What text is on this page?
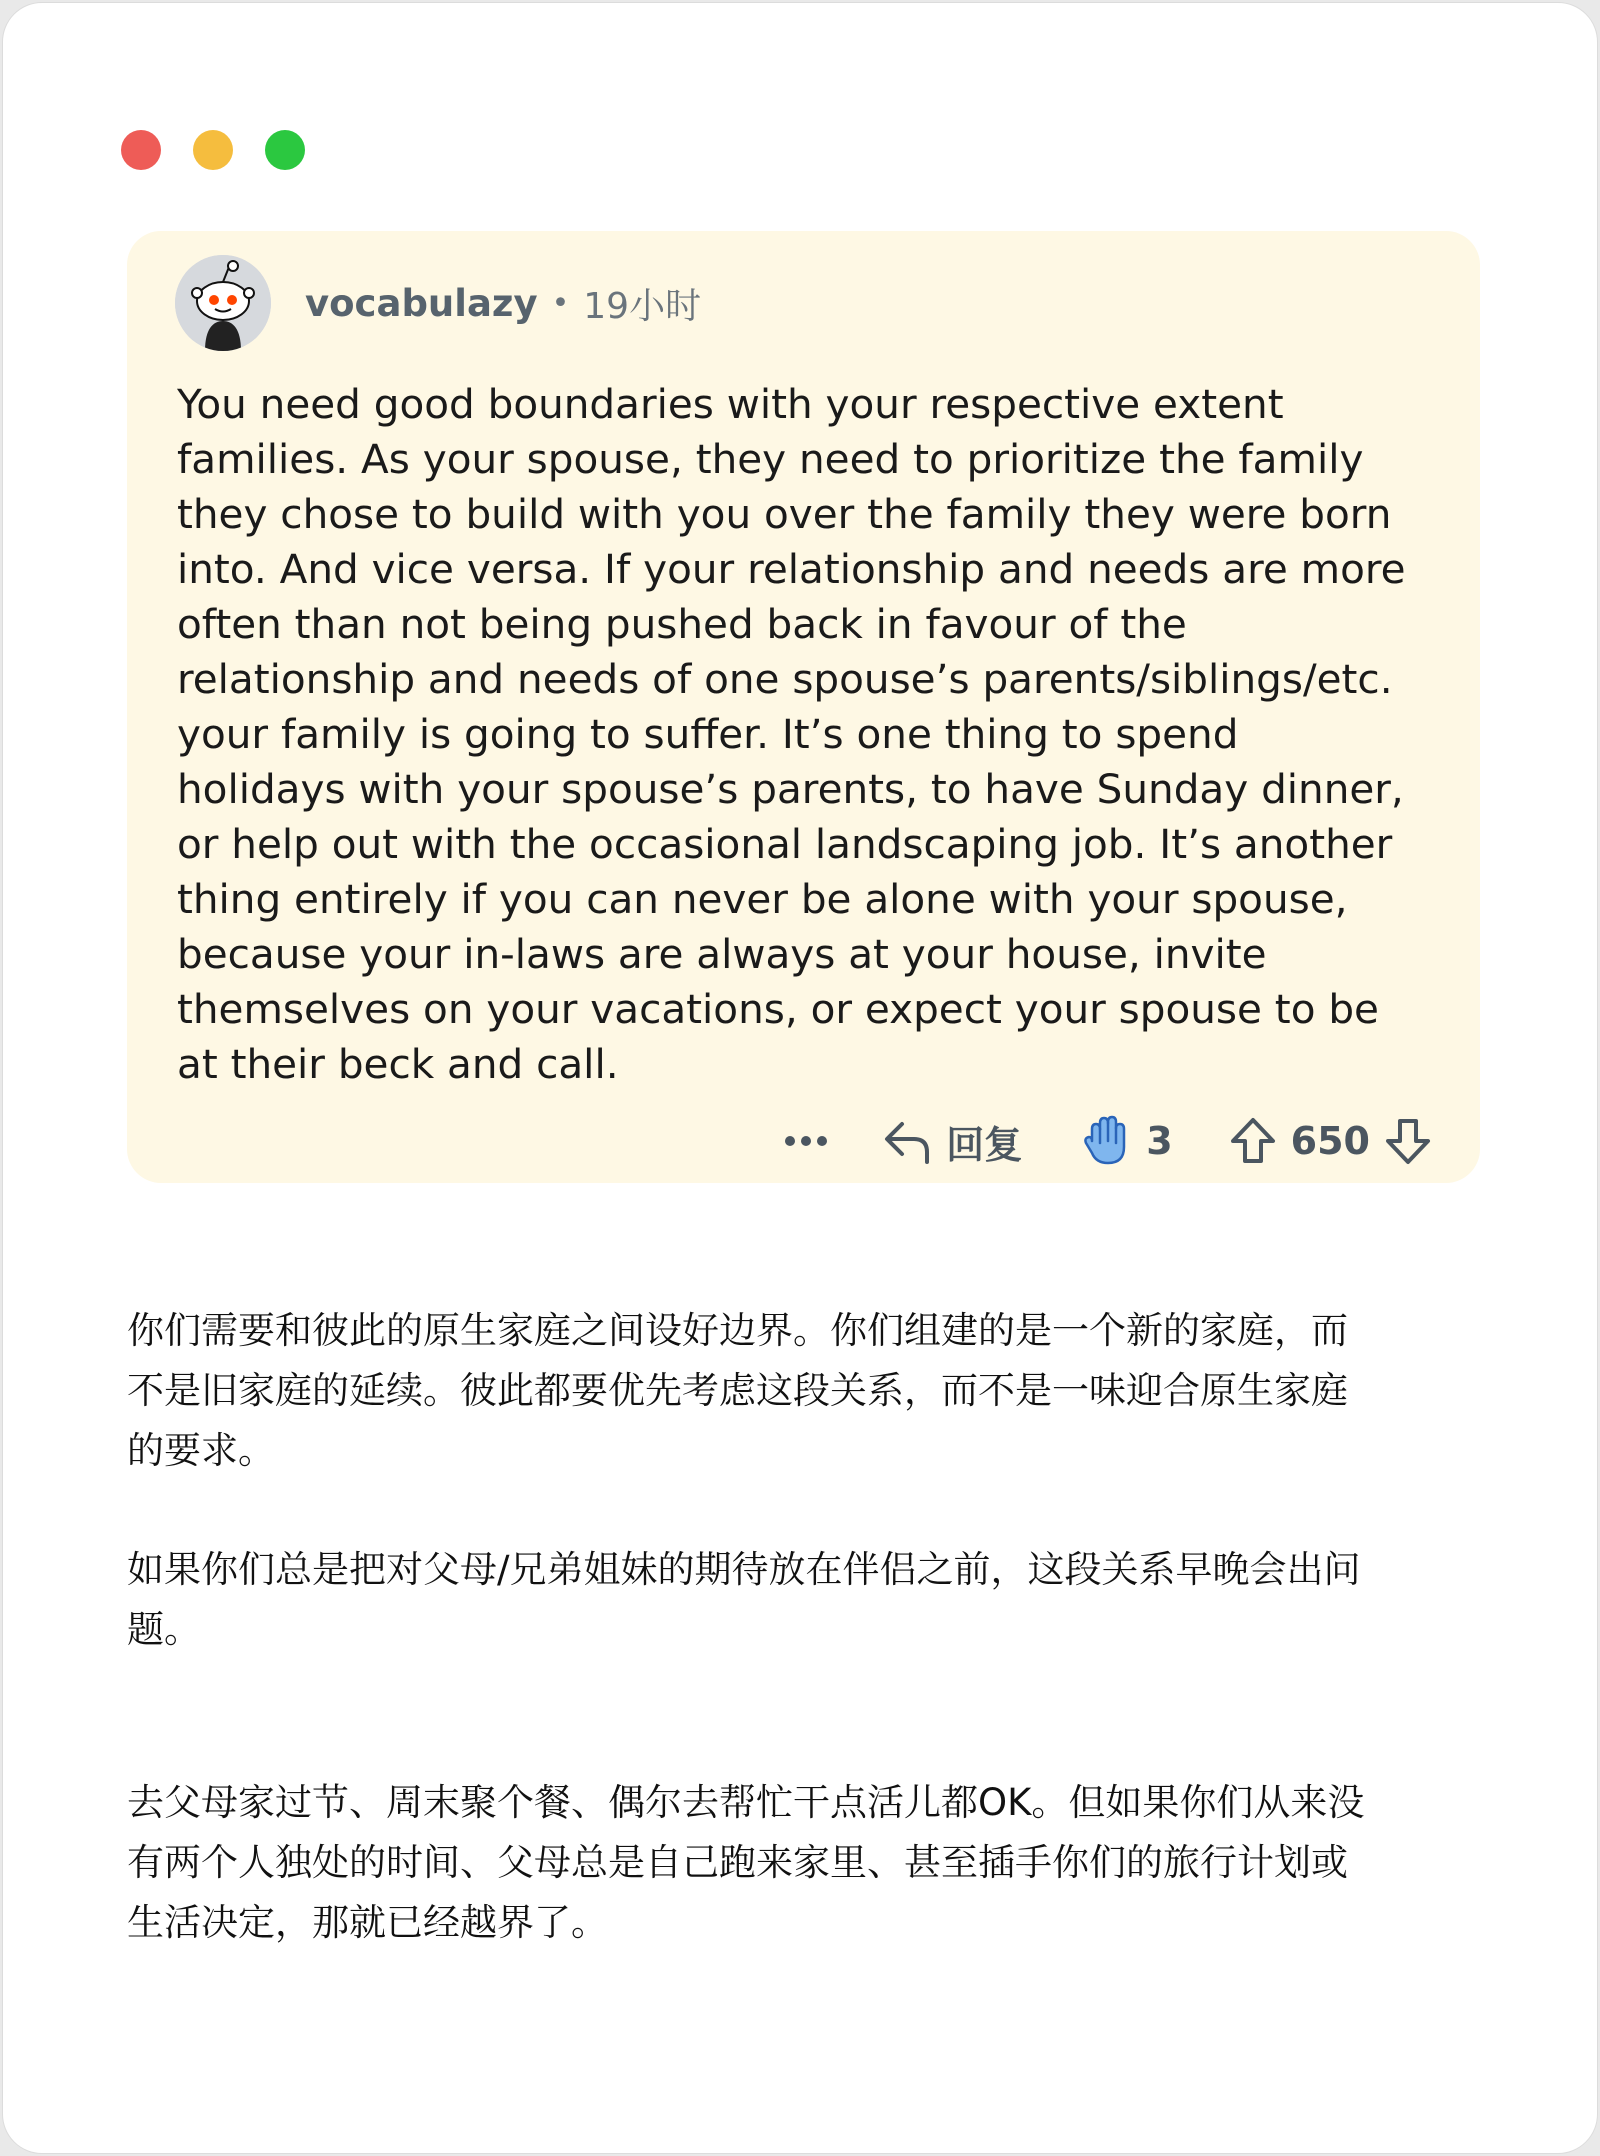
vocabulazy • 19小时
You need good boundaries with your respective extent
families. As your spouse, they need to prioritize the family
they chose to build with you over the family they were born
into. And vice versa. If your relationship and needs are more
often than not being pushed back in favour of the
relationship and needs of one spouse’s parents/siblings/etc.
your family is going to suffer. It’s one thing to spend
holidays with your spouse’s parents, to have Sunday dinner,
or help out with the occasional landscaping job. It’s another
thing entirely if you can never be alone with your spouse,
because your in-laws are always at your house, invite
themselves on your vacations, or expect your spouse to be
at their beck and call.
回复	3	650
你们需要和彼此的原生家庭之间设好边界。你们组建的是一个新的家庭，而
不是旧家庭的延续。彼此都要优先考虑这段关系，而不是一味迎合原生家庭
的要求。
如果你们总是把对父母/兄弟姐妹的期待放在伴侣之前，这段关系早晚会出问
题。
去父母家过节、周末聚个餐、偶尔去帮忙干点活儿都OK。但如果你们从来没
有两个人独处的时间、父母总是自己跑来家里、甚至插手你们的旅行计划或
生活决定，那就已经越界了。
